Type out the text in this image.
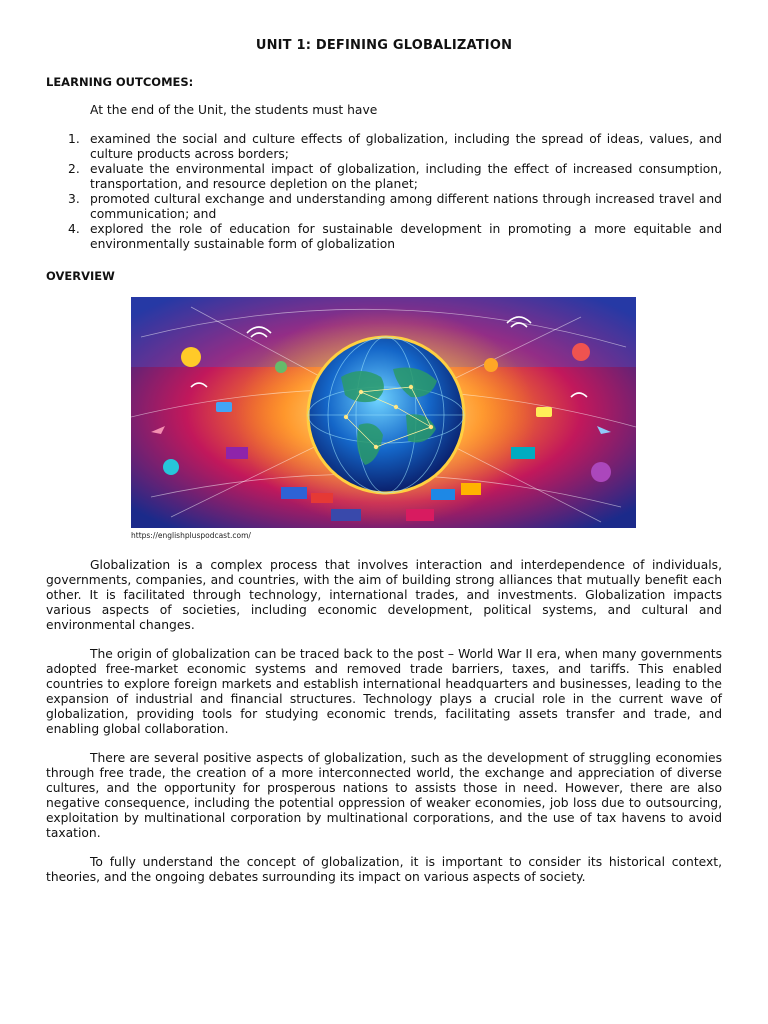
UNIT 1: DEFINING GLOBALIZATION

LEARNING OUTCOMES:

At the end of the Unit, the students must have

1. examined the social and culture effects of globalization, including the spread of ideas, values, and culture products across borders;
2. evaluate the environmental impact of globalization, including the effect of increased consumption, transportation, and resource depletion on the planet;
3. promoted cultural exchange and understanding among different nations through increased travel and communication; and
4. explored the role of education for sustainable development in promoting a more equitable and environmentally sustainable form of globalization

OVERVIEW

https://englishpluspodcast.com/

Globalization is a complex process that involves interaction and interdependence of individuals, governments, companies, and countries, with the aim of building strong alliances that mutually benefit each other. It is facilitated through technology, international trades, and investments. Globalization impacts various aspects of societies, including economic development, political systems, and cultural and environmental changes.

The origin of globalization can be traced back to the post – World War II era, when many governments adopted free-market economic systems and removed trade barriers, taxes, and tariffs. This enabled countries to explore foreign markets and establish international headquarters and businesses, leading to the expansion of industrial and financial structures. Technology plays a crucial role in the current wave of globalization, providing tools for studying economic trends, facilitating assets transfer and trade, and enabling global collaboration.

There are several positive aspects of globalization, such as the development of struggling economies through free trade, the creation of a more interconnected world, the exchange and appreciation of diverse cultures, and the opportunity for prosperous nations to assists those in need. However, there are also negative consequence, including the potential oppression of weaker economies, job loss due to outsourcing, exploitation by multinational corporation by multinational corporations, and the use of tax havens to avoid taxation.

To fully understand the concept of globalization, it is important to consider its historical context, theories, and the ongoing debates surrounding its impact on various aspects of society.
